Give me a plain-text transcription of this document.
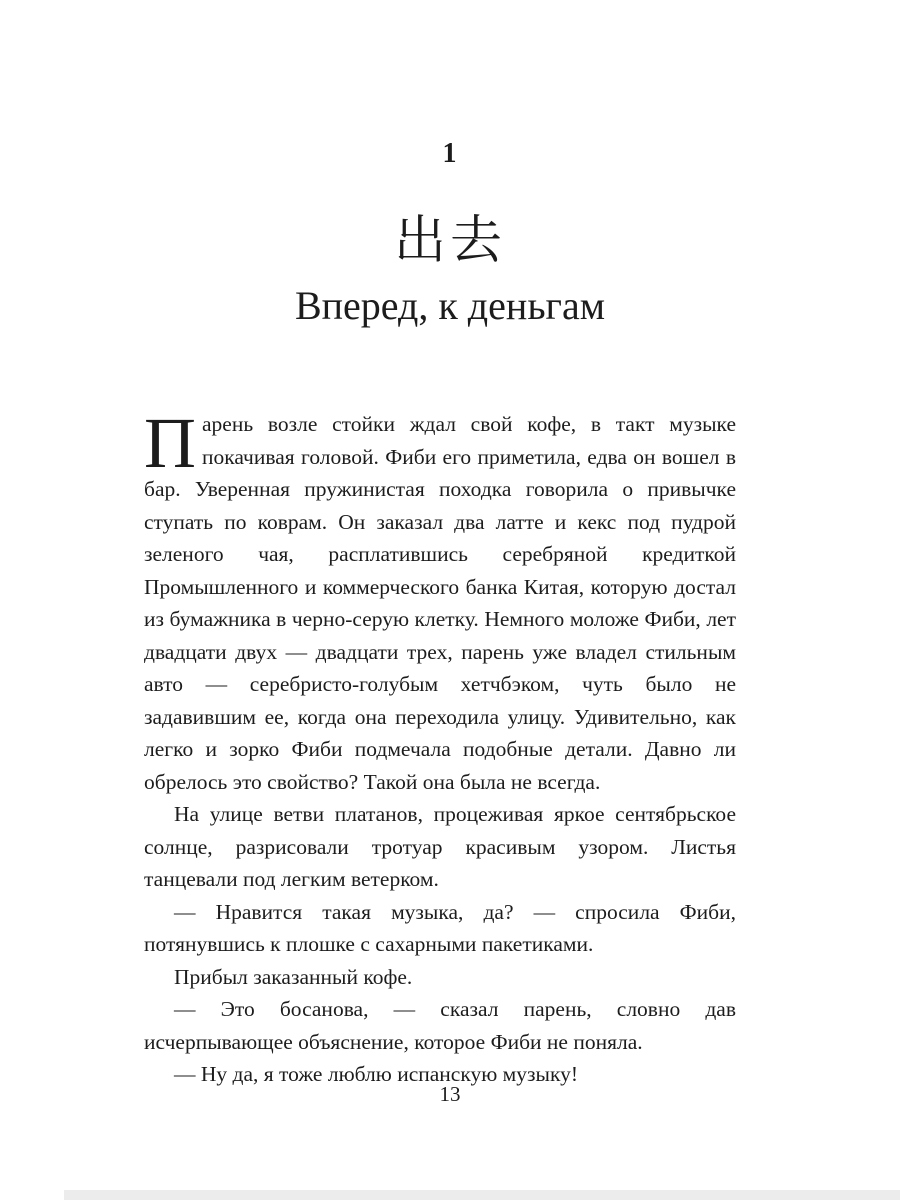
1
出去
Вперед, к деньгам

Парень возле стойки ждал свой кофе, в такт музыке покачивая головой. Фиби его приметила, едва он вошел в бар. Уверенная пружинистая походка говорила о привычке ступать по коврам. Он заказал два латте и кекс под пудрой зеленого чая, расплатившись серебряной кредиткой Промышленного и коммерческого банка Китая, которую достал из бумажника в черно-серую клетку. Немного моложе Фиби, лет двадцати двух — двадцати трех, парень уже владел стильным авто — серебристо-голубым хетчбэком, чуть было не задавившим ее, когда она переходила улицу. Удивительно, как легко и зорко Фиби подмечала подобные детали. Давно ли обрелось это свойство? Такой она была не всегда.

На улице ветви платанов, процеживая яркое сентябрьское солнце, разрисовали тротуар красивым узором. Листья танцевали под легким ветерком.

— Нравится такая музыка, да? — спросила Фиби, потянувшись к плошке с сахарными пакетиками.

Прибыл заказанный кофе.

— Это босанова, — сказал парень, словно дав исчерпывающее объяснение, которое Фиби не поняла.

— Ну да, я тоже люблю испанскую музыку!

13
